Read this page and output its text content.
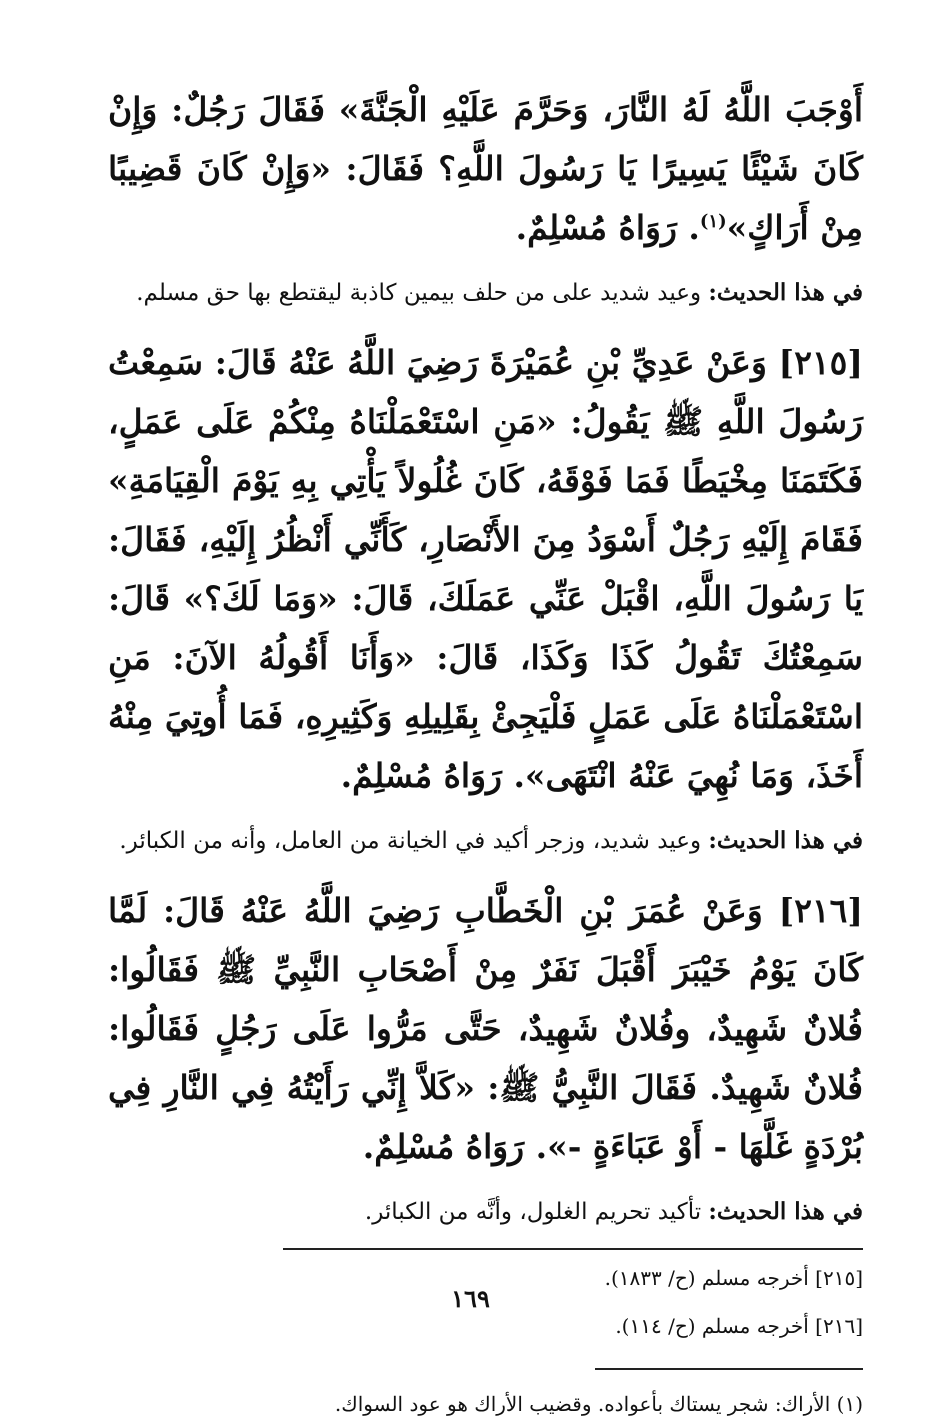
أَوْجَبَ اللَّهُ لَهُ النَّارَ، وَحَرَّمَ عَلَيْهِ الْجَنَّةَ» فَقَالَ رَجُلٌ: وَإِنْ كَانَ شَيْئًا يَسِيرًا يَا رَسُولَ اللَّهِ؟ فَقَالَ: «وَإِنْ كَانَ قَضِيبًا مِنْ أَرَاكٍ»$^{(١)}$. رَوَاهُ مُسْلِمٌ.

في هذا الحديث: وعيد شديد على من حلف بيمين كاذبة ليقتطع بها حق مسلم.

[٢١٥] وَعَنْ عَدِيِّ بْنِ عُمَيْرَةَ رَضِيَ اللَّهُ عَنْهُ قَالَ: سَمِعْتُ رَسُولَ اللَّهِ ﷺ يَقُولُ: «مَنِ اسْتَعْمَلْنَاهُ مِنْكُمْ عَلَى عَمَلٍ، فَكَتَمَنَا مِخْيَطًا فَمَا فَوْقَهُ، كَانَ غُلُولاً يَأْتِي بِهِ يَوْمَ الْقِيَامَةِ» فَقَامَ إِلَيْهِ رَجُلٌ أَسْوَدُ مِنَ الأَنْصَارِ، كَأَنِّي أَنْظُرُ إِلَيْهِ، فَقَالَ: يَا رَسُولَ اللَّهِ، اقْبَلْ عَنِّي عَمَلَكَ، قَالَ: «وَمَا لَكَ؟» قَالَ: سَمِعْتُكَ تَقُولُ كَذَا وَكَذَا، قَالَ: «وَأَنَا أَقُولُهُ الآنَ: مَنِ اسْتَعْمَلْنَاهُ عَلَى عَمَلٍ فَلْيَجِئْ بِقَلِيلِهِ وَكَثِيرِهِ، فَمَا أُوتِيَ مِنْهُ أَخَذَ، وَمَا نُهِيَ عَنْهُ انْتَهَى». رَوَاهُ مُسْلِمٌ.

في هذا الحديث: وعيد شديد، وزجر أكيد في الخيانة من العامل، وأنه من الكبائر.

[٢١٦] وَعَنْ عُمَرَ بْنِ الْخَطَّابِ رَضِيَ اللَّهُ عَنْهُ قَالَ: لَمَّا كَانَ يَوْمُ خَيْبَرَ أَقْبَلَ نَفَرٌ مِنْ أَصْحَابِ النَّبِيِّ ﷺ فَقَالُوا: فُلانٌ شَهِيدٌ، وفُلانٌ شَهِيدٌ، حَتَّى مَرُّوا عَلَى رَجُلٍ فَقَالُوا: فُلانٌ شَهِيدٌ. فَقَالَ النَّبِيُّ ﷺ: «كَلاَّ إِنِّي رَأَيْتُهُ فِي النَّارِ فِي بُرْدَةٍ غَلَّهَا - أَوْ عَبَاءَةٍ -». رَوَاهُ مُسْلِمٌ.

في هذا الحديث: تأكيد تحريم الغلول، وأنَّه من الكبائر.

[٢١٥] أخرجه مسلم (ح/ ١٨٣٣).

[٢١٦] أخرجه مسلم (ح/ ١١٤).

(١) الأراك: شجر يستاك بأعواده. وقضيب الأراك هو عود السواك.

١٦٩
